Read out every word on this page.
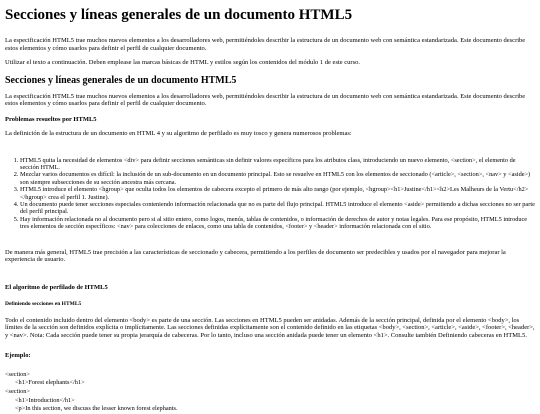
Secciones y líneas generales de un documento HTML5

La especificación HTML5 trae muchos nuevos elementos a los desarrolladores web, permitiéndoles describir la estructura de un documento web con semántica estandarizada. Este documento describe estos elementos y cómo usarlos para definir el perfil de cualquier documento.

Utilizar el texto a continuación. Deben emplease las marcas básicas de HTML y estilos según los contenidos del módulo 1 de este curso.

Secciones y líneas generales de un documento HTML5

La especificación HTML5 trae muchos nuevos elementos a los desarrolladores web, permitiéndoles describir la estructura de un documento web con semántica estandarizada. Este documento describe estos elementos y cómo usarlos para definir el perfil de cualquier documento.

Problemas resueltos por HTML5

La definición de la estructura de un documento en HTML 4 y su algoritmo de perfilado es muy tosco y genera numerosos problemas:

1. HTML5 quita la necesidad de elementos <div> para definir secciones semánticas sin definir valores específicos para los atributos class, introduciendo un nuevo elemento, <section>, el elemento de sección HTML.
2. Mezclar varios documentos es difícil: la inclusión de un sub-documento en un documento principal. Esto se resuelve en HTML5 con los elementos de seccionado (<article>, <section>, <nav> y <aside>) son siempre subsecciones de su sección ancestra más cercana.
3. HTML5 introduce el elemento <hgroup> que oculta todos los elementos de cabecera excepto el primero de más alto rango (por ejemplo, <hgroup><h1>Justine</h1><h2>Les Malheurs de la Vertu</h2></hgroup> crea el perfil 1. Justine).
4. Un documento puede tener secciones especiales conteniendo información relacionada que no es parte del flujo principal. HTML5 introduce el elemento <aside> permitiendo a dichas secciones no ser parte del perfil principal.
5. Hay información relacionada no al documento pero si al sitio entero, como logos, menús, tablas de contenidos, o información de derechos de autor y notas legales. Para ese propósito, HTML5 introduce tres elementos de sección específicos: <nav> para colecciones de enlaces, como una tabla de contenidos, <footer> y <header> información relacionada con el sitio.

De manera más general, HTML5 trae precisión a las características de seccionado y cabecera, permitiendo a los perfiles de documento ser predecibles y usados por el navegador para mejorar la experiencia de usuario.

El algoritmo de perfilado de HTML5
Definiendo secciones en HTML5

Todo el contenido incluido dentro del elemento <body> es parte de una sección. Las secciones en HTML5 pueden ser anidadas. Además de la sección principal, definida por el elemento <body>, los límites de la sección son definidos explícita o implícitamente. Las secciones definidas explícitamente son el contenido definido en las etiquetas <body>, <section>, <article>, <aside>, <footer>, <header>, y <nav>. Nota: Cada sección puede tener su propia jerarquía de cabeceras. Por lo tanto, incluso una sección anidada puede tener un elemento <h1>. Consulte también Definiendo cabeceras en HTML5.

Ejemplo:
<section>
<h1>Forest elephants</h1>
<section>
<h1>Introduction</h1>
<p>In this section, we discuss the lesser known forest elephants.
